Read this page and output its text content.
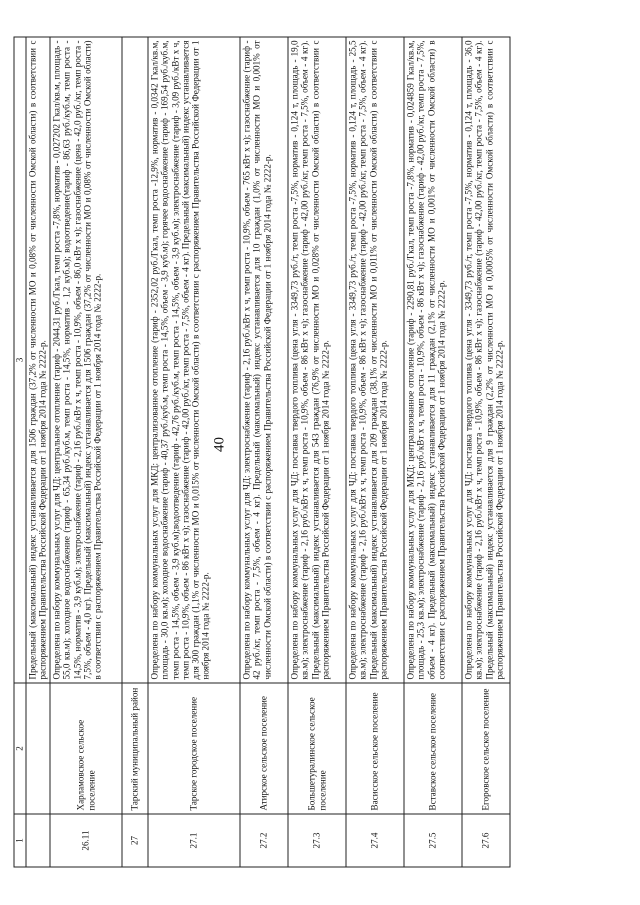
40
1	2	3
		Предельный (максимальный) индекс устанавливается для 1506 граждан (37,2% от численности МО и 0,08% от численности Омской области) в соответствии с распоряжением Правительства Российской Федерации от 1 ноября 2014 года № 2222-р.
26.11	Харламовское сельское поселение	Определена по набору коммунальных услуг для ЧД: центральное отопление (тариф - 2044,31 руб./Гкал, темп роста -7,8%, норматив - 0,027202 Гкал/кв.м, площадь - 55,0 кв.м); холодное водоснабжение (тариф - 65,34 руб./куб.м, темп роста - 14,5%, норматив - 1,2 куб.м); водоотведение(тариф - 86,63 руб./куб.м, темп роста - 14,5%, норматив - 3,9 куб.м); электроснабжение (тариф - 2,16 руб./кВт х ч, темп роста - 10,9%, объем - 86,0 кВт х ч); газоснабжение (цена - 42,0 руб./кг, темп роста - 7,5%, объем - 4,0 кг). Предельный (максимальный) индекс устанавливается для 1506 граждан (37,2% от численности МО и 0,08% от численности Омской области) в соответствии с распоряжением Правительства Российской Федерации от 1 ноября 2014 года № 2222-р.
27	Тарский муниципальный район	
27.1	Тарское городское поселение	Определена по набору коммунальных услуг для МКД: централизованное отопление (тариф - 2352,02 руб./Гкал, темп роста -12,9%, норматив - 0,0342 Гкал/кв.м, площадь - 30,0 кв.м); холодное водоснабжение (тариф - 40,37 руб./куб.м, темп роста - 14,5%, объем - 3,9 куб.м); горячее водоснабжение (тариф - 169,54 руб./куб.м, темп роста - 14,5%, объем - 3,9 куб.м);водоотведение (тариф - 42,76 руб./куб.м, темп роста - 14,5%, объем - 3,9 куб.м); электроснабжение (тариф - 3,09 руб./кВт х ч, темп роста - 10,9%, объем - 86 кВт х ч); газоснабжение (тариф - 42,00 руб./кг, темп роста - 7,5%, объем - 4 кг). Предельный (максимальный) индекс устанавливается для 300 граждан (1,1% от численности МО и 0,015% от численности Омской области) в соответствии с распоряжением Правительства Российской Федерации от 1 ноября 2014 года № 2222-р.
27.2	Атирское сельское поселение	Определена по набору коммунальных услуг для ЧД: электроснабжение (тариф - 2,16 руб./кВт х ч, темп роста - 10,9%, объем - 765 кВт х ч); газоснабжение (тариф - 42 руб./кг, темп роста - 7,5%, объем - 4 кг). Предельный (максимальный) индекс устанавливается для 10 граждан (1,0% от численности МО и 0,001% от численности Омской области) в соответствии с распоряжением Правительства Российской Федерации от 1 ноября 2014 года № 2222-р.
27.3	Большетуралинское сельское поселение	Определена по набору коммунальных услуг для ЧД: поставка твердого топлива (цена угля - 3349,73 руб./т, темп роста -7,5%, норматив - 0,124 т, площадь - 19,0 кв.м); электроснабжение (тариф - 2,16 руб./кВт х ч, темп роста - 10,9%, объем - 86 кВт х ч); газоснабжение (тариф - 42,00 руб./кг, темп роста - 7,5%, объем - 4 кг). Предельный (максимальный) индекс устанавливается для 543 граждан (76,9% от численности МО и 0,028% от численности Омской области) в соответствии с распоряжением Правительства Российской Федерации от 1 ноября 2014 года № 2222-р.
27.4	Васисское сельское поселение	Определена по набору коммунальных услуг для ЧД: поставка твердого топлива (цена угля - 3349,73 руб./т, темп роста -7,5%, норматив - 0,124 т, площадь - 25,5 кв.м); электроснабжение (тариф - 2,16 руб./кВт х ч, темп роста - 10,9%, объем - 86 кВт х ч); газоснабжение (тариф - 42,00 руб./кг, темп роста - 7,5%, объем - 4 кг). Предельный (максимальный) индекс устанавливается для 209 граждан (38,1% от численности МО и 0,011% от численности Омской области) в соответствии с распоряжением Правительства Российской Федерации от 1 ноября 2014 года № 2222-р.
27.5	Вставское сельское поселение	Определена по набору коммунальных услуг для МКД: централизованное отопление (тариф - 2290,81 руб./Гкал, темп роста -7,8%, норматив - 0,024859 Гкал/кв.м, площадь - 25,3 кв.м); электроснабжение (тариф - 2,16 руб./кВт х ч, темп роста - 10,9%, объем - 86 кВт х ч); газоснабжение (тариф - 42,00 руб./кг, темп роста - 7,5%, объем - 4 кг). Предельный (максимальный) индекс устанавливается для 11 граждан (2,1% от численности МО и 0,001% от численности Омской области) в соответствии с распоряжением Правительства Российской Федерации от 1 ноября 2014 года № 2222-р.
27.6	Егоровское сельское поселение	Определена по набору коммунальных услуг для ЧД: поставка твердого топлива (цена угля - 3349,73 руб./т, темп роста -7,5%, норматив - 0,124 т, площадь - 36,0 кв.м); электроснабжение (тариф - 2,16 руб./кВт х ч, темп роста - 10,9%, объем - 86 кВт х ч); газоснабжение (тариф - 42,00 руб./кг, темп роста - 7,5%, объем - 4 кг). Предельный (максимальный) индекс устанавливается для 9 граждан (2,2% от численности МО и 0,0005% от численности Омской области) в соответствии с распоряжением Правительства Российской Федерации от 1 ноября 2014 года № 2222-р.
